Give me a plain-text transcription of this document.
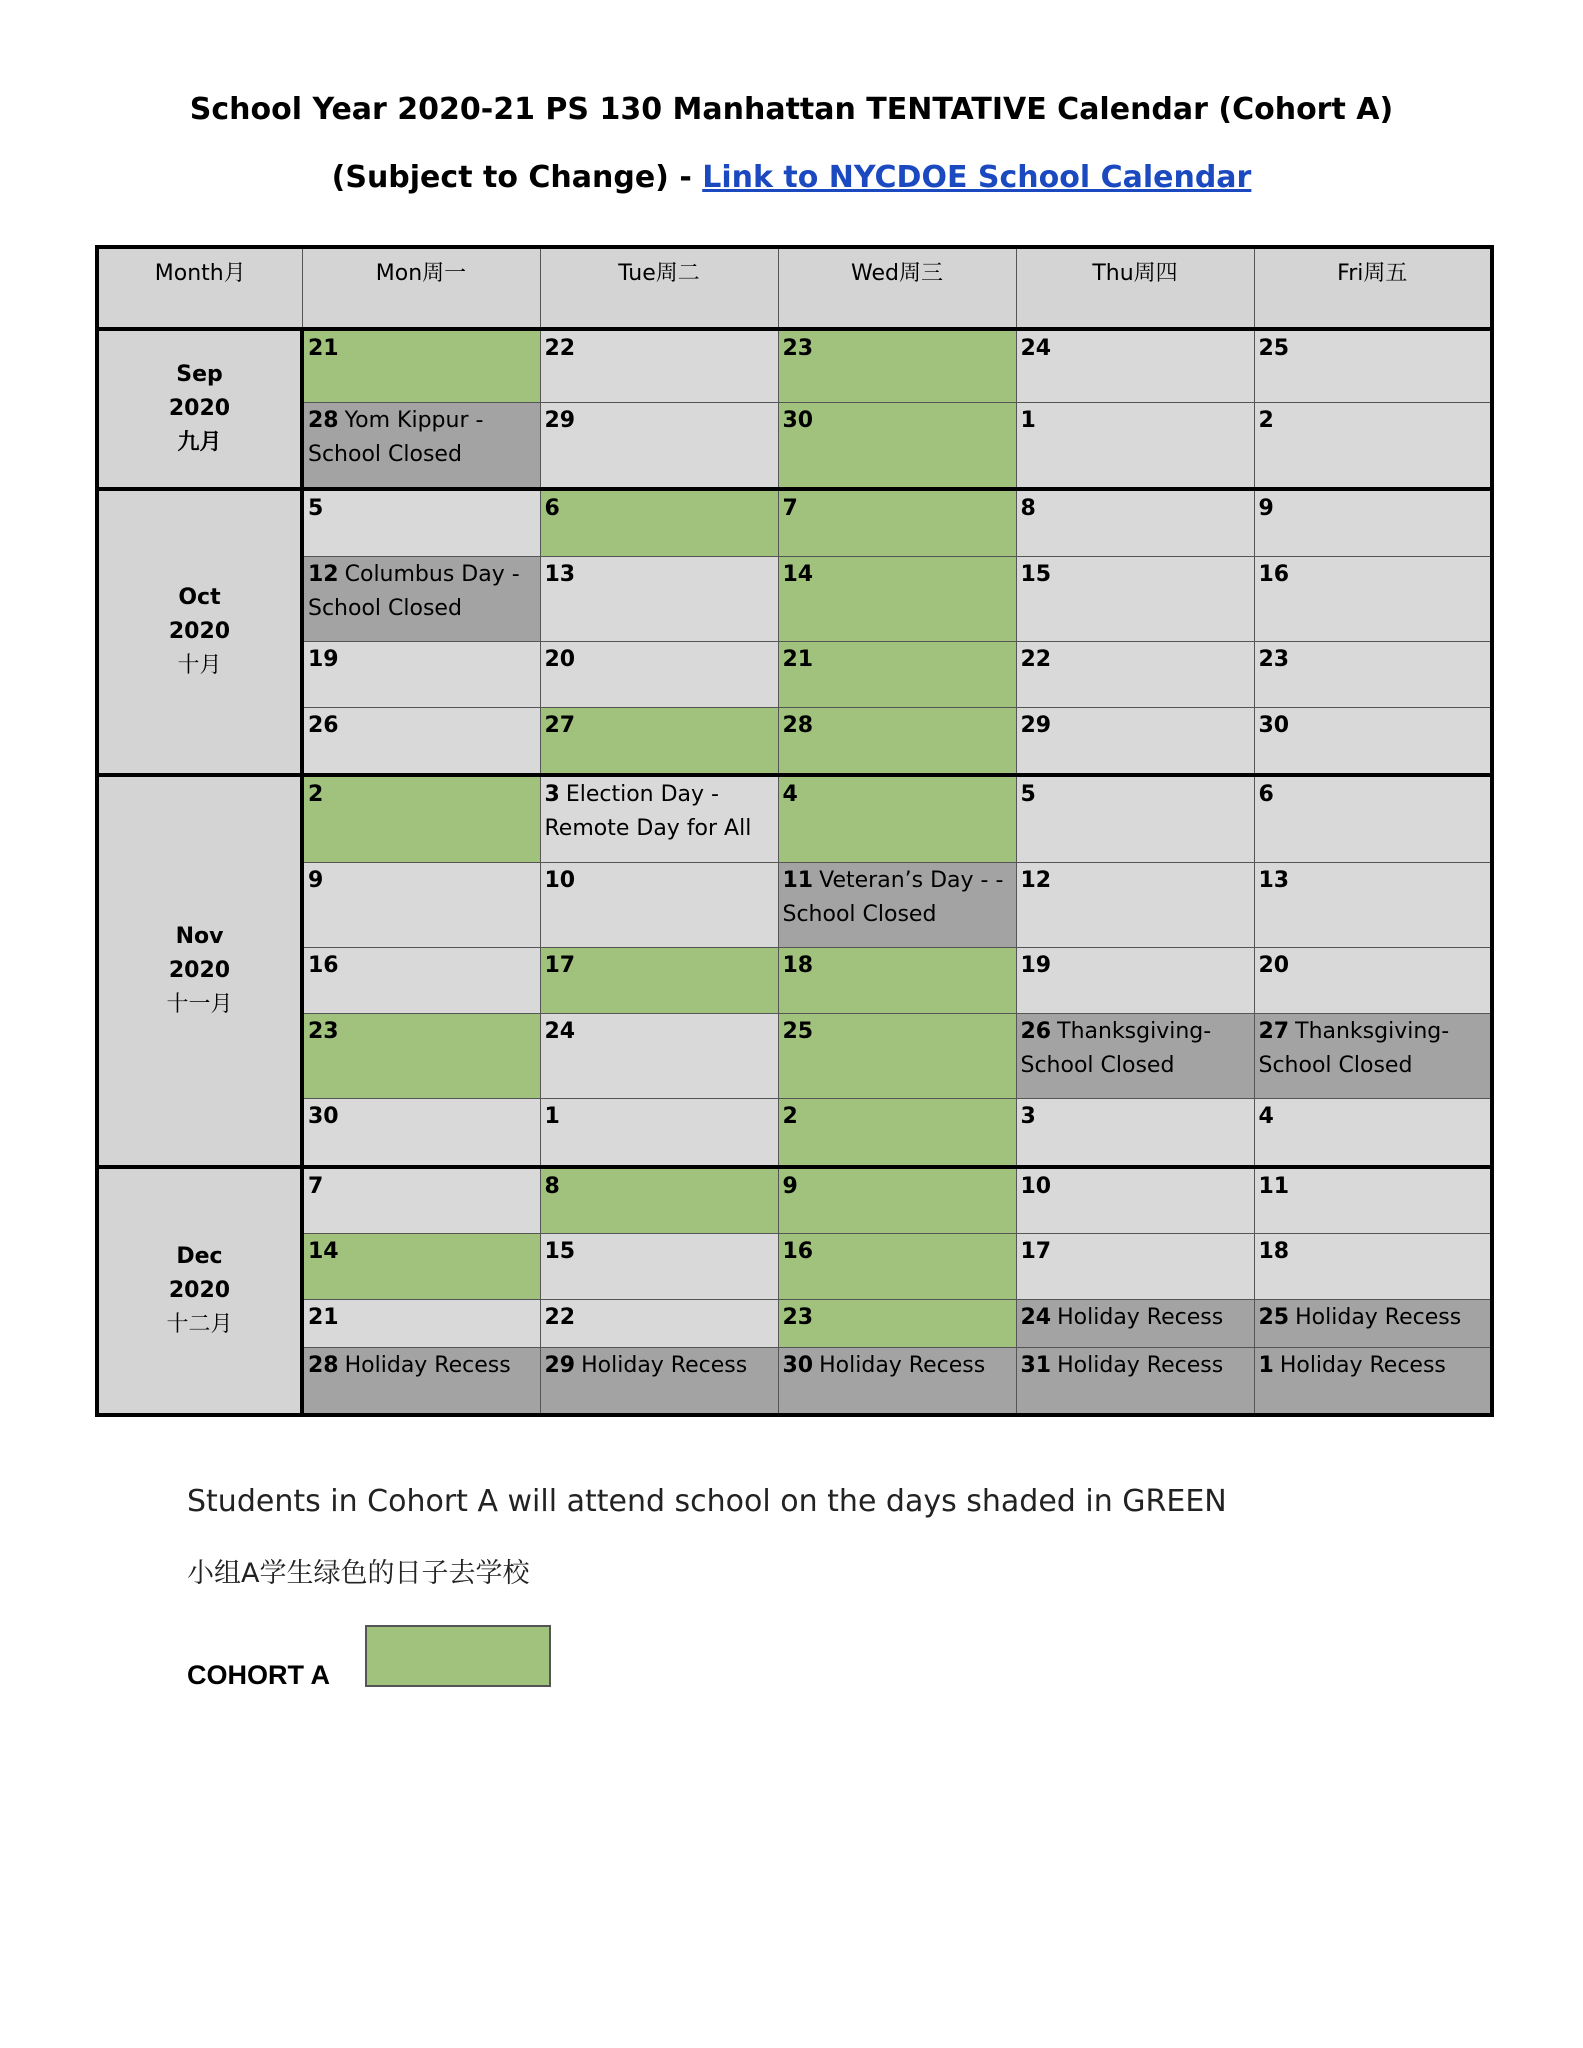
School Year 2020-21 PS 130 Manhattan TENTATIVE Calendar (Cohort A)
(Subject to Change) - Link to NYCDOE School Calendar
Month月	Mon周一	Tue周二	Wed周三	Thu周四	Fri周五

Sep
2020
九月	21	22	23	24	25

	28 Yom Kippur - School Closed	29	30	1	2

Oct
2020
十月	5	6	7	8	9

	12 Columbus Day - School Closed	13	14	15	16

	19	20	21	22	23

	26	27	28	29	30

Nov
2020
十一月	2	3 Election Day - Remote Day for All	4	5	6

	9	10	11 Veteran’s Day - - School Closed	12	13

	16	17	18	19	20

	23	24	25	26 Thanksgiving- School Closed	27 Thanksgiving- School Closed

	30	1	2	3	4

Dec
2020
十二月	7	8	9	10	11

	14	15	16	17	18

	21	22	23	24 Holiday Recess	25 Holiday Recess

	28 Holiday Recess	29 Holiday Recess	30 Holiday Recess	31 Holiday Recess	1 Holiday Recess
Students in Cohort A will attend school on the days shaded in GREEN
小组A学生绿色的日子去学校
COHORT A
